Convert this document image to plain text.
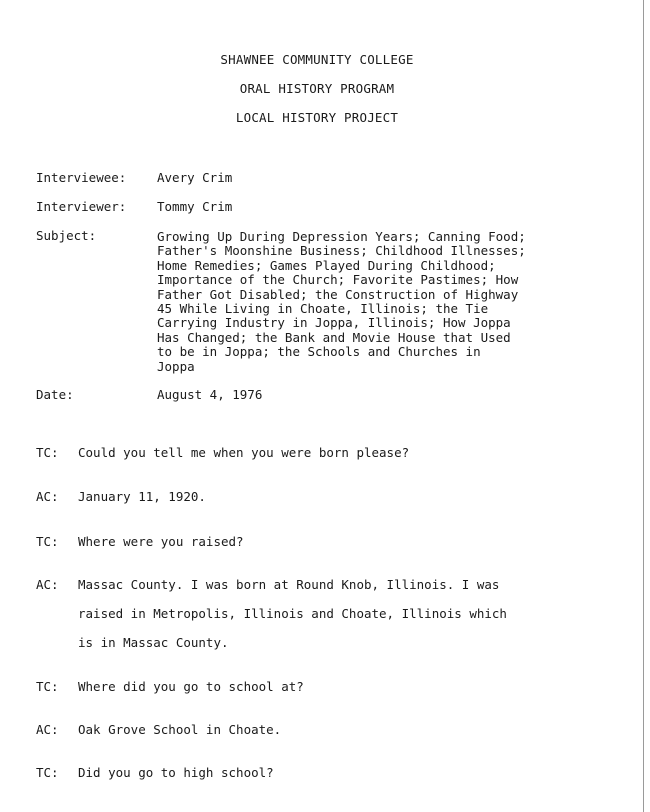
SHAWNEE COMMUNITY COLLEGE
ORAL HISTORY PROGRAM
LOCAL HISTORY PROJECT
Interviewee: Avery Crim
Interviewer: Tommy Crim
Subject:	Growing Up During Depression Years; Canning Food;
Father's Moonshine Business; Childhood Illnesses;
Home Remedies; Games Played During Childhood;
Importance of the Church; Favorite Pastimes; How
Father Got Disabled; the Construction of Highway
45 While Living in Choate, Illinois; the Tie
Carrying Industry in Joppa, Illinois; How Joppa
Has Changed; the Bank and Movie House that Used
to be in Joppa; the Schools and Churches in
Joppa
Date:	August 4, 1976
TC: Could you tell me when you were born please?
AC: January 11, 1920.
TC: Where were you raised?
AC: Massac County. I was born at Round Knob, Illinois. I was
raised in Metropolis, Illinois and Choate, Illinois which
is in Massac County.
TC: Where did you go to school at?
AC: Oak Grove School in Choate.
TC: Did you go to high school?
